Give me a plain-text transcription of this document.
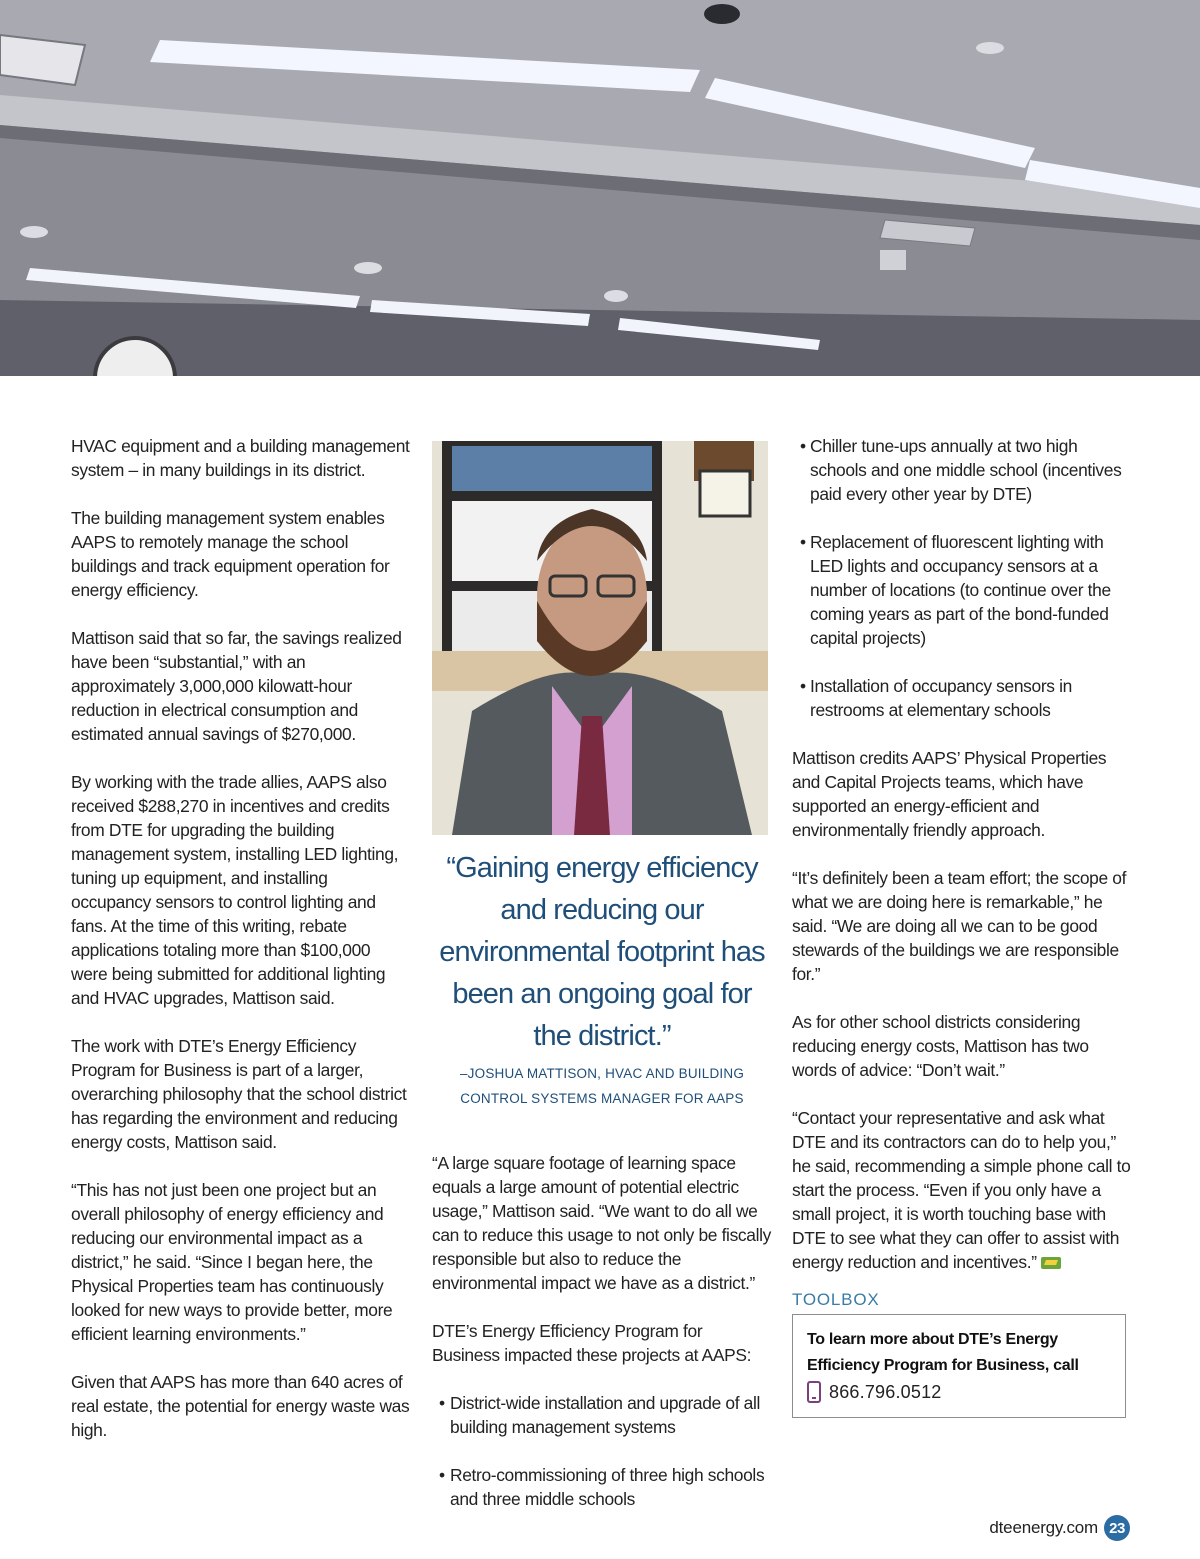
HVAC equipment and a building management system – in many buildings in its district.

The building management system enables AAPS to remotely manage the school buildings and track equipment operation for energy efficiency.

Mattison said that so far, the savings realized have been “substantial,” with an approximately 3,000,000 kilowatt-hour reduction in electrical consumption and estimated annual savings of $270,000.

By working with the trade allies, AAPS also received $288,270 in incentives and credits from DTE for upgrading the building management system, installing LED lighting, tuning up equipment, and installing occupancy sensors to control lighting and fans. At the time of this writing, rebate applications totaling more than $100,000 were being submitted for additional lighting and HVAC upgrades, Mattison said.

The work with DTE’s Energy Efficiency Program for Business is part of a larger, overarching philosophy that the school district has regarding the environment and reducing energy costs, Mattison said.

“This has not just been one project but an overall philosophy of energy efficiency and reducing our environmental impact as a district,” he said. “Since I began here, the Physical Properties team has continuously looked for new ways to provide better, more efficient learning environments.”

Given that AAPS has more than 640 acres of real estate, the potential for energy waste was high.

“Gaining energy efficiency and reducing our environmental footprint has been an ongoing goal for the district.”
–JOSHUA MATTISON, HVAC AND BUILDING
CONTROL SYSTEMS MANAGER FOR AAPS

“A large square footage of learning space equals a large amount of potential electric usage,” Mattison said. “We want to do all we can to reduce this usage to not only be fiscally responsible but also to reduce the environmental impact we have as a district.”

DTE’s Energy Efficiency Program for Business impacted these projects at AAPS:

• District-wide installation and upgrade of all building management systems
• Retro-commissioning of three high schools and three middle schools
• Chiller tune-ups annually at two high schools and one middle school (incentives paid every other year by DTE)
• Replacement of fluorescent lighting with LED lights and occupancy sensors at a number of locations (to continue over the coming years as part of the bond-funded capital projects)
• Installation of occupancy sensors in restrooms at elementary schools

Mattison credits AAPS’ Physical Properties and Capital Projects teams, which have supported an energy-efficient and environmentally friendly approach.

“It’s definitely been a team effort; the scope of what we are doing here is remarkable,” he said. “We are doing all we can to be good stewards of the buildings we are responsible for.”

As for other school districts considering reducing energy costs, Mattison has two words of advice: “Don’t wait.”

“Contact your representative and ask what DTE and its contractors can do to help you,” he said, recommending a simple phone call to start the process. “Even if you only have a small project, it is worth touching base with DTE to see what they can offer to assist with energy reduction and incentives.”

TOOLBOX
To learn more about DTE’s Energy Efficiency Program for Business, call
866.796.0512
dteenergy.com 23
